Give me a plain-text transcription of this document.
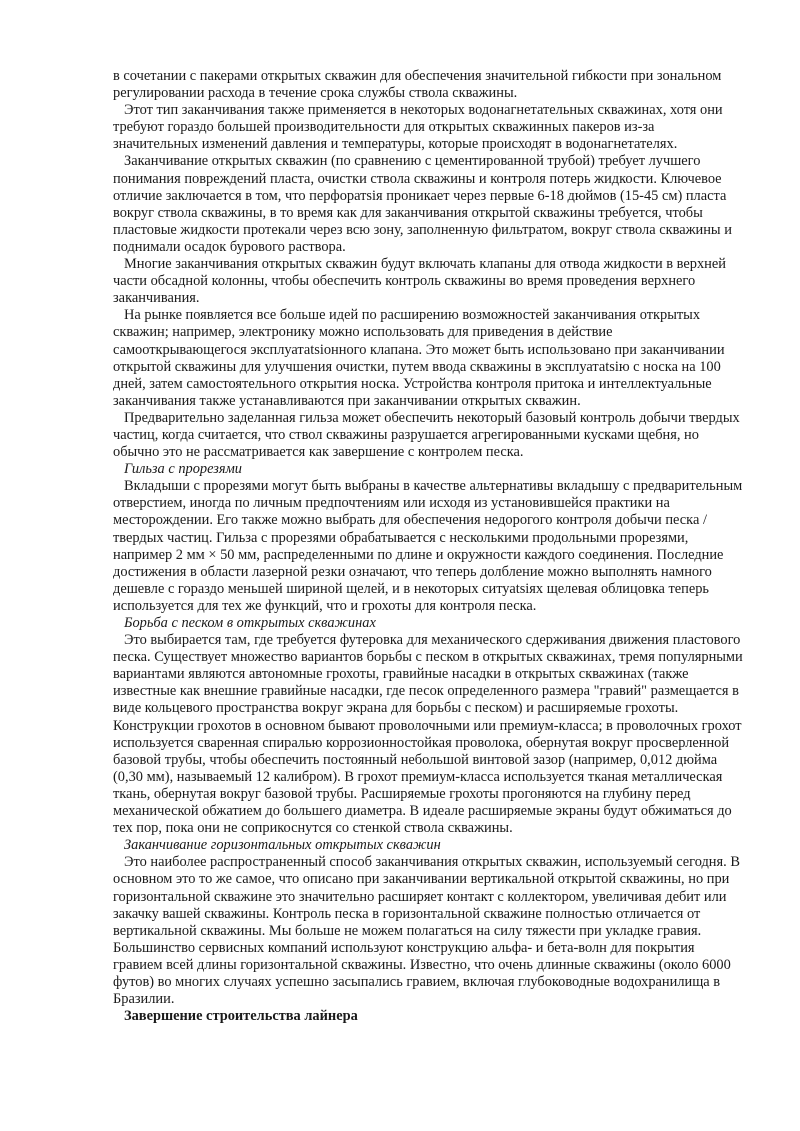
в сочетании с пакерами открытых скважин для обеспечения значительной гибкости при зональном регулировании расхода в течение срока службы ствола скважины.

Этот тип заканчивания также применяется в некоторых водонагнетательных скважинах, хотя они требуют гораздо большей производительности для открытых скважинных пакеров из-за значительных изменений давления и температуры, которые происходят в водонагнетателях.

Заканчивание открытых скважин (по сравнению с цементированной трубой) требует лучшего понимания повреждений пласта, очистки ствола скважины и контроля потерь жидкости. Ключевое отличие заключается в том, что перфоратsiя проникает через первые 6-18 дюймов (15-45 см) пласта вокруг ствола скважины, в то время как для заканчивания открытой скважины требуется, чтобы пластовые жидкости протекали через всю зону, заполненную фильтратом, вокруг ствола скважины и поднимали осадок бурового раствора.

Многие заканчивания открытых скважин будут включать клапаны для отвода жидкости в верхней части обсадной колонны, чтобы обеспечить контроль скважины во время проведения верхнего заканчивания.

На рынке появляется все больше идей по расширению возможностей заканчивания открытых скважин; например, электронику можно использовать для приведения в действие самооткрывающегося эксплуатаtsiонного клапана. Это может быть использовано при заканчивании открытой скважины для улучшения очистки, путем ввода скважины в эксплуатаtsiю с носка на 100 дней, затем самостоятельного открытия носка. Устройства контроля притока и интеллектуальные заканчивания также устанавливаются при заканчивании открытых скважин.

Предварительно заделанная гильза может обеспечить некоторый базовый контроль добычи твердых частиц, когда считается, что ствол скважины разрушается агрегированными кусками щебня, но обычно это не рассматривается как завершение с контролем песка.

Гильза с прорезями

Вкладыши с прорезями могут быть выбраны в качестве альтернативы вкладышу с предварительным отверстием, иногда по личным предпочтениям или исходя из установившейся практики на месторождении. Его также можно выбрать для обеспечения недорогого контроля добычи песка / твердых частиц. Гильза с прорезями обрабатывается с несколькими продольными прорезями, например 2 мм × 50 мм, распределенными по длине и окружности каждого соединения. Последние достижения в области лазерной резки означают, что теперь долбление можно выполнять намного дешевле с гораздо меньшей шириной щелей, и в некоторых ситуаtsiях щелевая облицовка теперь используется для тех же функций, что и грохоты для контроля песка.

Борьба с песком в открытых скважинах

Это выбирается там, где требуется футеровка для механического сдерживания движения пластового песка. Существует множество вариантов борьбы с песком в открытых скважинах, тремя популярными вариантами являются автономные грохоты, гравийные насадки в открытых скважинах (также известные как внешние гравийные насадки, где песок определенного размера "гравий" размещается в виде кольцевого пространства вокруг экрана для борьбы с песком) и расширяемые грохоты. Конструкции грохотов в основном бывают проволочными или премиум-класса; в проволочных грохот используется сваренная спиралью коррозионностойкая проволока, обернутая вокруг просверленной базовой трубы, чтобы обеспечить постоянный небольшой винтовой зазор (например, 0,012 дюйма (0,30 мм), называемый 12 калибром). В грохот премиум-класса используется тканая металлическая ткань, обернутая вокруг базовой трубы. Расширяемые грохоты прогоняются на глубину перед механической обжатием до большего диаметра. В идеале расширяемые экраны будут обжиматься до тех пор, пока они не соприкоснутся со стенкой ствола скважины.

Заканчивание горизонтальных открытых скважин

Это наиболее распространенный способ заканчивания открытых скважин, используемый сегодня. В основном это то же самое, что описано при заканчивании вертикальной открытой скважины, но при горизонтальной скважине это значительно расширяет контакт с коллектором, увеличивая дебит или закачку вашей скважины. Контроль песка в горизонтальной скважине полностью отличается от вертикальной скважины. Мы больше не можем полагаться на силу тяжести при укладке гравия. Большинство сервисных компаний используют конструкцию альфа- и бета-волн для покрытия гравием всей длины горизонтальной скважины. Известно, что очень длинные скважины (около 6000 футов) во многих случаях успешно засыпались гравием, включая глубоководные водохранилища в Бразилии.

Завершение строительства лайнера
